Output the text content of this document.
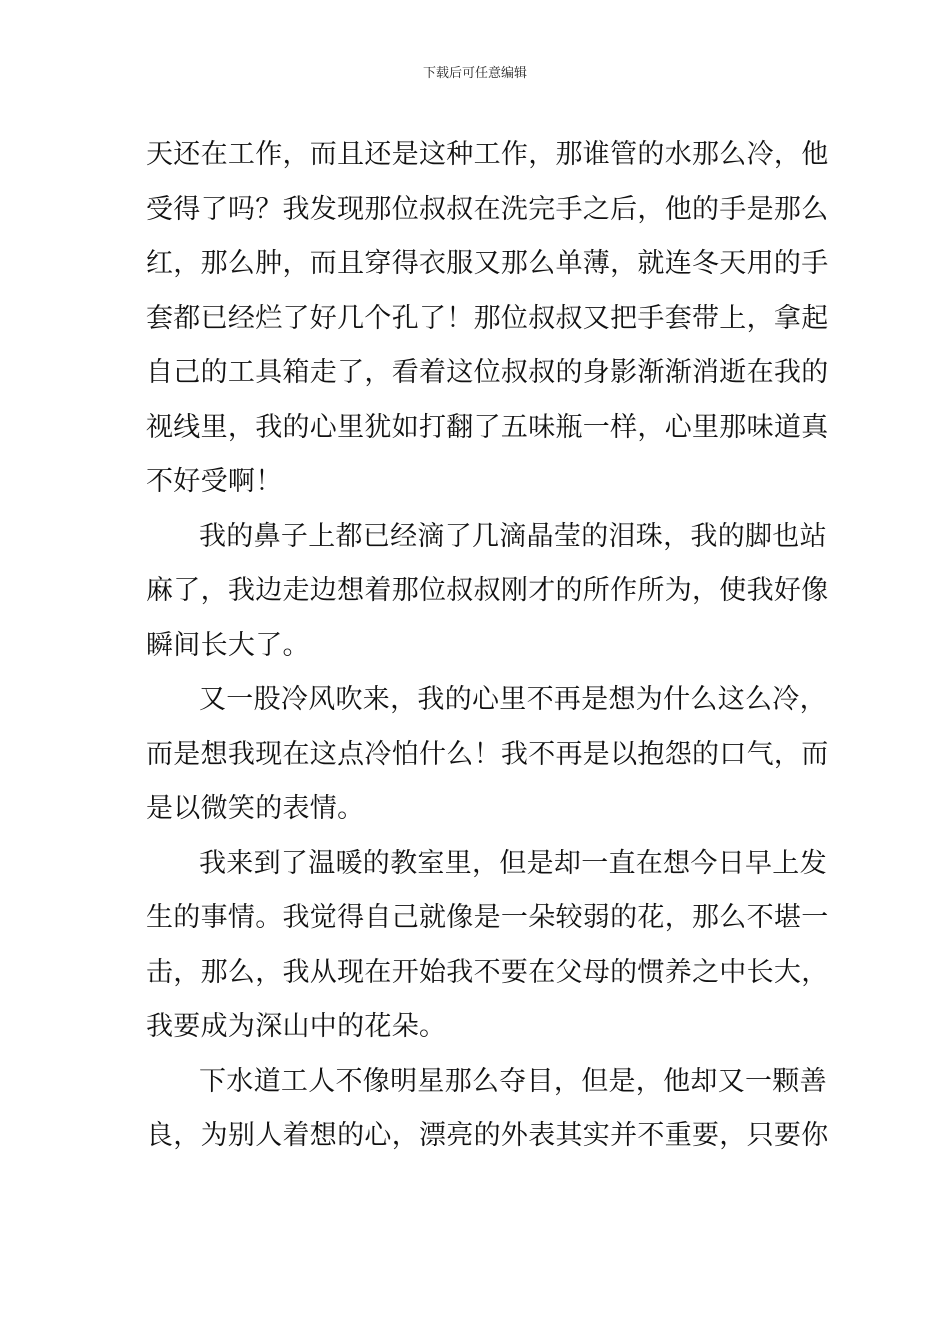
下载后可任意编辑

天还在工作，而且还是这种工作，那谁管的水那么冷，他
受得了吗？我发现那位叔叔在洗完手之后，他的手是那么
红，那么肿，而且穿得衣服又那么单薄，就连冬天用的手
套都已经烂了好几个孔了！那位叔叔又把手套带上，拿起
自己的工具箱走了，看着这位叔叔的身影渐渐消逝在我的
视线里，我的心里犹如打翻了五味瓶一样，心里那味道真
不好受啊！

我的鼻子上都已经滴了几滴晶莹的泪珠，我的脚也站
麻了，我边走边想着那位叔叔刚才的所作所为，使我好像
瞬间长大了。

又一股冷风吹来，我的心里不再是想为什么这么冷，
而是想我现在这点冷怕什么！我不再是以抱怨的口气，而
是以微笑的表情。

我来到了温暖的教室里，但是却一直在想今日早上发
生的事情。我觉得自己就像是一朵较弱的花，那么不堪一
击，那么，我从现在开始我不要在父母的惯养之中长大，
我要成为深山中的花朵。

下水道工人不像明星那么夺目，但是，他却又一颗善
良，为别人着想的心，漂亮的外表其实并不重要，只要你
